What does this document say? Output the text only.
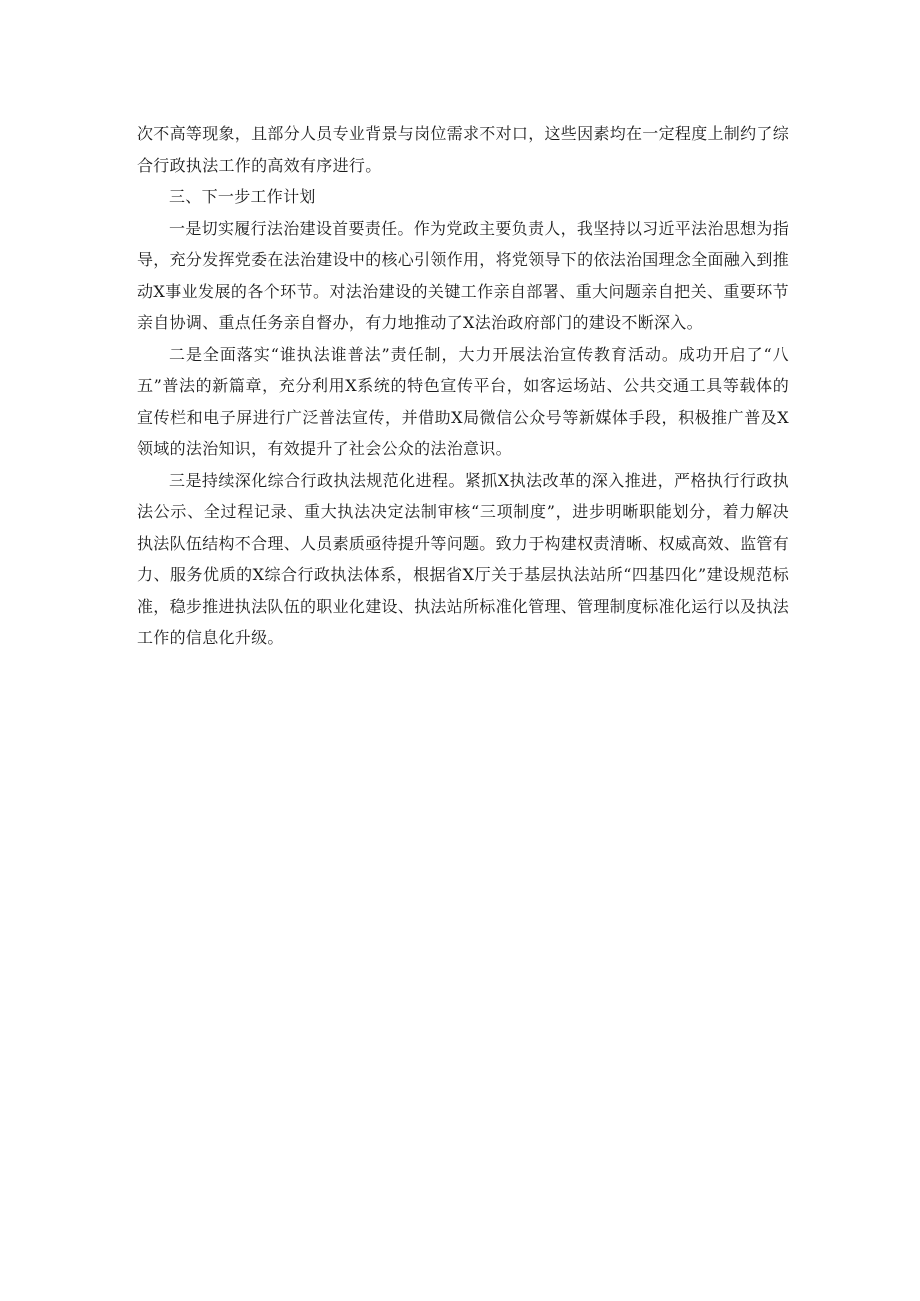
次不高等现象，且部分人员专业背景与岗位需求不对口，这些因素均在一定程度上制约了综合行政执法工作的高效有序进行。

三、下一步工作计划

一是切实履行法治建设首要责任。作为党政主要负责人，我坚持以习近平法治思想为指导，充分发挥党委在法治建设中的核心引领作用，将党领导下的依法治国理念全面融入到推动X事业发展的各个环节。对法治建设的关键工作亲自部署、重大问题亲自把关、重要环节亲自协调、重点任务亲自督办，有力地推动了X法治政府部门的建设不断深入。

二是全面落实“谁执法谁普法”责任制，大力开展法治宣传教育活动。成功开启了“八五”普法的新篇章，充分利用X系统的特色宣传平台，如客运场站、公共交通工具等载体的宣传栏和电子屏进行广泛普法宣传，并借助X局微信公众号等新媒体手段，积极推广普及X领域的法治知识，有效提升了社会公众的法治意识。

三是持续深化综合行政执法规范化进程。紧抓X执法改革的深入推进，严格执行行政执法公示、全过程记录、重大执法决定法制审核“三项制度”，进步明晰职能划分，着力解决执法队伍结构不合理、人员素质亟待提升等问题。致力于构建权责清晰、权威高效、监管有力、服务优质的X综合行政执法体系，根据省X厅关于基层执法站所“四基四化”建设规范标准，稳步推进执法队伍的职业化建设、执法站所标准化管理、管理制度标准化运行以及执法工作的信息化升级。
